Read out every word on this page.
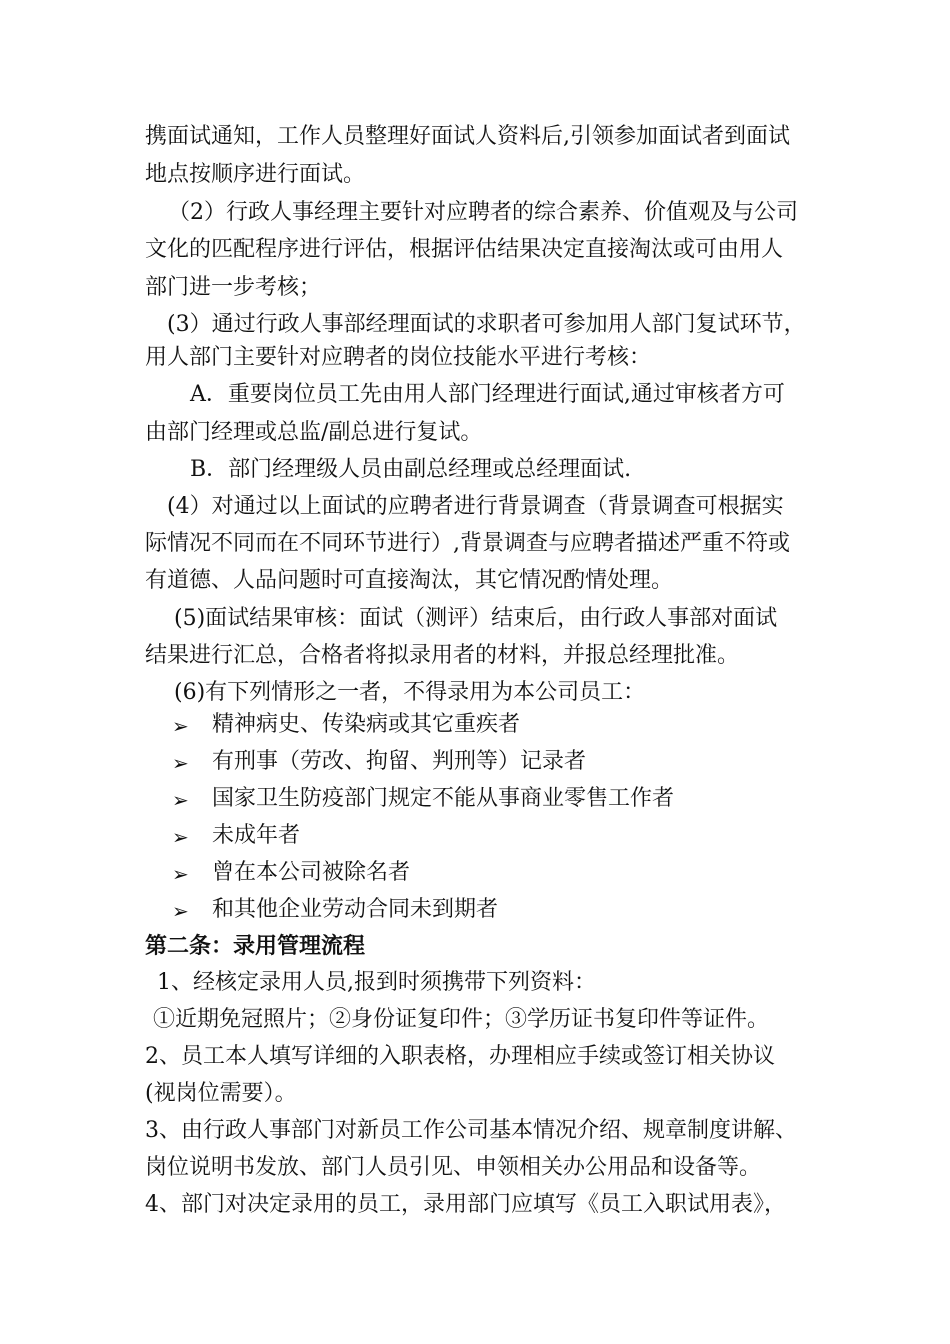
携面试通知，工作人员整理好面试人资料后,引领参加面试者到面试
地点按顺序进行面试。
（2）行政人事经理主要针对应聘者的综合素养、价值观及与公司
文化的匹配程序进行评估，根据评估结果决定直接淘汰或可由用人
部门进一步考核；
(3）通过行政人事部经理面试的求职者可参加用人部门复试环节，
用人部门主要针对应聘者的岗位技能水平进行考核：
A．重要岗位员工先由用人部门经理进行面试,通过审核者方可
由部门经理或总监/副总进行复试。
B．部门经理级人员由副总经理或总经理面试.
(4）对通过以上面试的应聘者进行背景调查（背景调查可根据实
际情况不同而在不同环节进行）,背景调查与应聘者描述严重不符或
有道德、人品问题时可直接淘汰，其它情况酌情处理。
(5)面试结果审核：面试（测评）结束后，由行政人事部对面试
结果进行汇总，合格者将拟录用者的材料，并报总经理批准。
(6)有下列情形之一者，不得录用为本公司员工：
➢ 精神病史、传染病或其它重疾者
➢ 有刑事（劳改、拘留、判刑等）记录者
➢ 国家卫生防疫部门规定不能从事商业零售工作者
➢ 未成年者
➢ 曾在本公司被除名者
➢ 和其他企业劳动合同未到期者
第二条：录用管理流程
1、经核定录用人员,报到时须携带下列资料：
①近期免冠照片；②身份证复印件；③学历证书复印件等证件。
2、员工本人填写详细的入职表格，办理相应手续或签订相关协议
(视岗位需要）。
3、由行政人事部门对新员工作公司基本情况介绍、规章制度讲解、
岗位说明书发放、部门人员引见、申领相关办公用品和设备等。
4、部门对决定录用的员工，录用部门应填写《员工入职试用表》，
